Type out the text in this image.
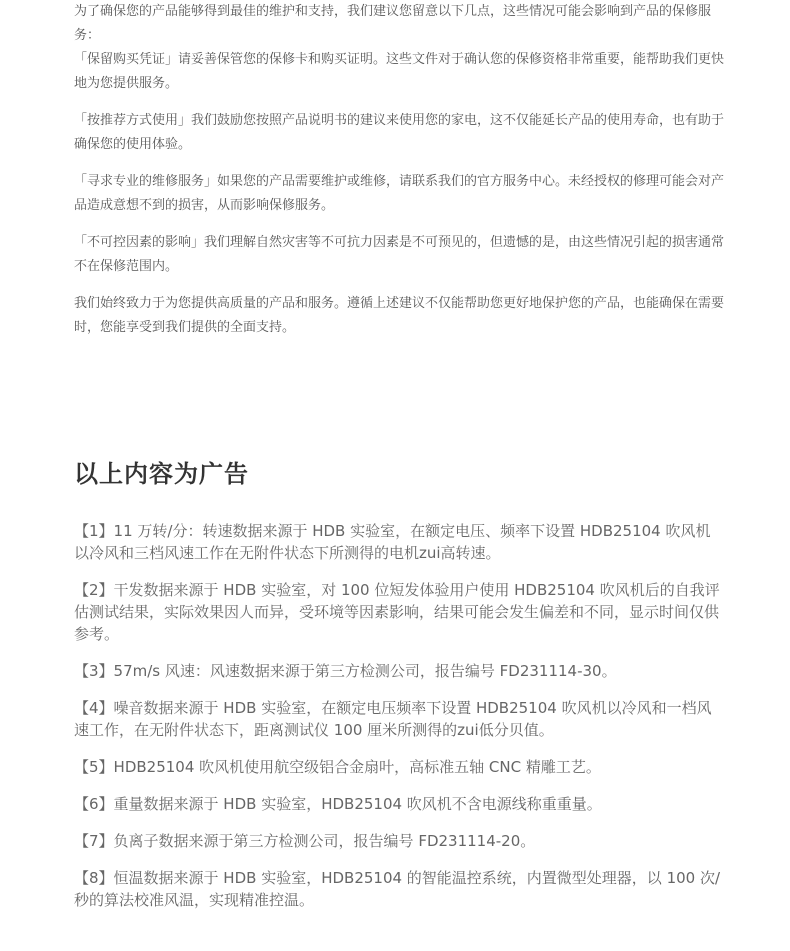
为了确保您的产品能够得到最佳的维护和支持，我们建议您留意以下几点，这些情况可能会影响到产品的保修服务：

「保留购买凭证」请妥善保管您的保修卡和购买证明。这些文件对于确认您的保修资格非常重要，能帮助我们更快地为您提供服务。

「按推荐方式使用」我们鼓励您按照产品说明书的建议来使用您的家电，这不仅能延长产品的使用寿命，也有助于确保您的使用体验。

「寻求专业的维修服务」如果您的产品需要维护或维修，请联系我们的官方服务中心。未经授权的修理可能会对产品造成意想不到的损害，从而影响保修服务。

「不可控因素的影响」我们理解自然灾害等不可抗力因素是不可预见的，但遗憾的是，由这些情况引起的损害通常不在保修范围内。

我们始终致力于为您提供高质量的产品和服务。遵循上述建议不仅能帮助您更好地保护您的产品，也能确保在需要时，您能享受到我们提供的全面支持。

以上内容为广告

【1】11 万转/分：转速数据来源于 HDB 实验室，在额定电压、频率下设置 HDB25104 吹风机以冷风和三档风速工作在无附件状态下所测得的电机zui高转速。

【2】干发数据来源于 HDB 实验室，对 100 位短发体验用户使用 HDB25104 吹风机后的自我评估测试结果，实际效果因人而异，受环境等因素影响，结果可能会发生偏差和不同，显示时间仅供参考。

【3】57m/s 风速：风速数据来源于第三方检测公司，报告编号 FD231114-30。

【4】噪音数据来源于 HDB 实验室，在额定电压频率下设置 HDB25104 吹风机以冷风和一档风速工作，在无附件状态下，距离测试仪 100 厘米所测得的zui低分贝值。

【5】HDB25104 吹风机使用航空级铝合金扇叶，高标准五轴 CNC 精雕工艺。

【6】重量数据来源于 HDB 实验室，HDB25104 吹风机不含电源线称重重量。

【7】负离子数据来源于第三方检测公司，报告编号 FD231114-20。

【8】恒温数据来源于 HDB 实验室，HDB25104 的智能温控系统，内置微型处理器，以 100 次/秒的算法校准风温，实现精准控温。
